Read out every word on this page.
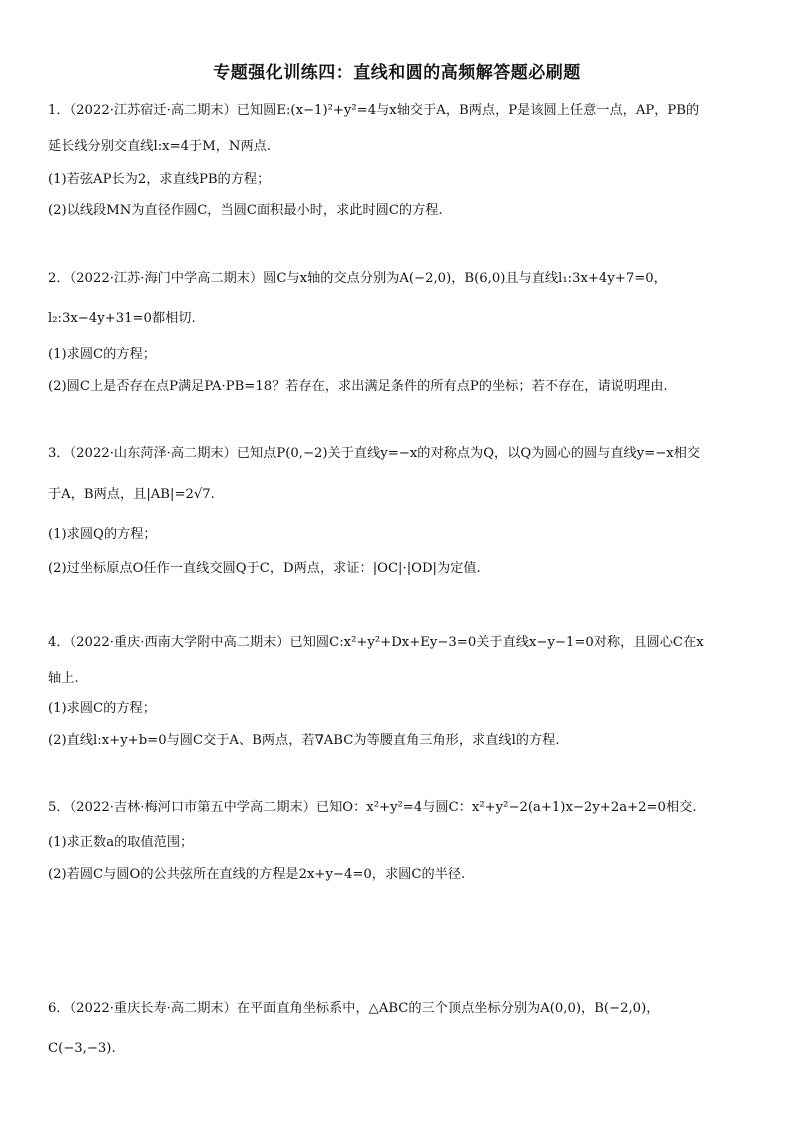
专题强化训练四：直线和圆的高频解答题必刷题
1．（2022·江苏宿迁·高二期末）已知圆E:(x−1)²+y²=4与x轴交于A，B两点，P是该圆上任意一点，AP，PB的
延长线分别交直线l:x=4于M，N两点.
(1)若弦AP长为2，求直线PB的方程；
(2)以线段MN为直径作圆C，当圆C面积最小时，求此时圆C的方程.
2．（2022·江苏·海门中学高二期末）圆C与x轴的交点分别为A(−2,0)，B(6,0)且与直线l₁:3x+4y+7=0，
l₂:3x−4y+31=0都相切.
(1)求圆C的方程；
(2)圆C上是否存在点P满足PA·PB=18？若存在，求出满足条件的所有点P的坐标；若不存在，请说明理由.
3．（2022·山东菏泽·高二期末）已知点P(0,−2)关于直线y=−x的对称点为Q，以Q为圆心的圆与直线y=−x相交
于A，B两点，且|AB|=2√7.
(1)求圆Q的方程；
(2)过坐标原点O任作一直线交圆Q于C，D两点，求证：|OC|·|OD|为定值.
4．（2022·重庆·西南大学附中高二期末）已知圆C:x²+y²+Dx+Ey−3=0关于直线x−y−1=0对称，且圆心C在x
轴上.
(1)求圆C的方程；
(2)直线l:x+y+b=0与圆C交于A、B两点，若∇ABC为等腰直角三角形，求直线l的方程.
5．（2022·吉林·梅河口市第五中学高二期末）已知O：x²+y²=4与圆C：x²+y²−2(a+1)x−2y+2a+2=0相交.
(1)求正数a的取值范围；
(2)若圆C与圆O的公共弦所在直线的方程是2x+y−4=0，求圆C的半径.
6．（2022·重庆长寿·高二期末）在平面直角坐标系中，△ABC的三个顶点坐标分别为A(0,0)，B(−2,0)，
C(−3,−3).
